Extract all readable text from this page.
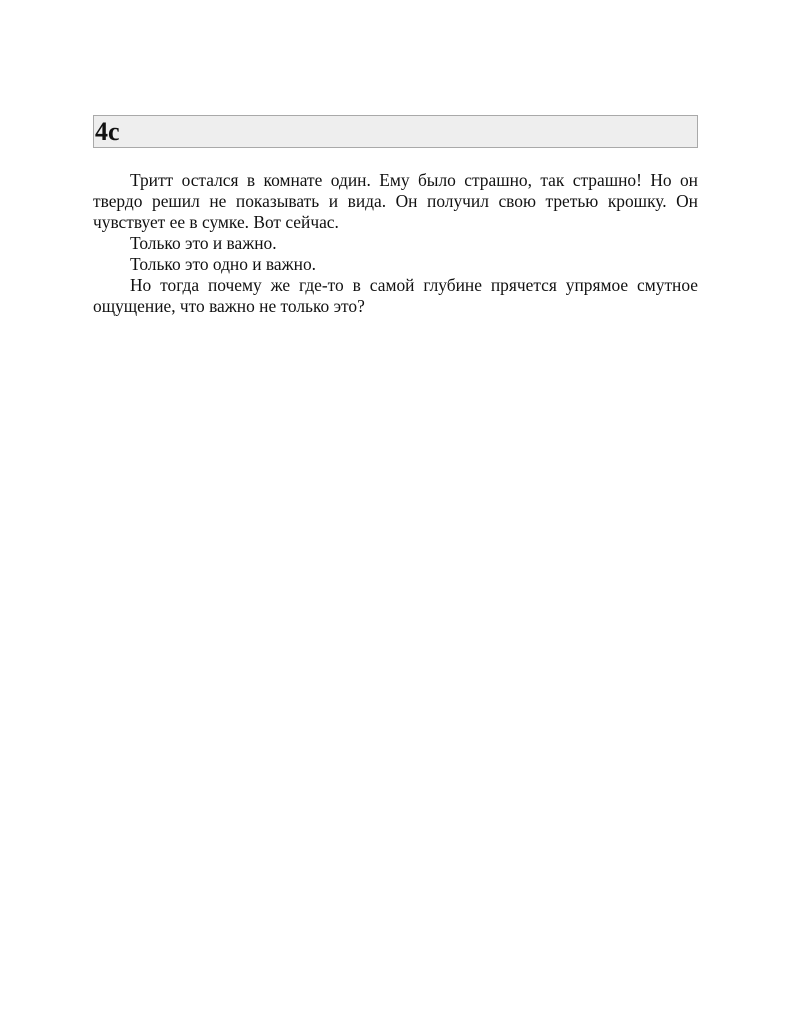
4c

Тритт остался в комнате один. Ему было страшно, так страшно! Но он твердо решил не показывать и вида. Он получил свою третью крошку. Он чувствует ее в сумке. Вот сейчас.

Только это и важно.

Только это одно и важно.

Но тогда почему же где-то в самой глубине прячется упрямое смутное ощущение, что важно не только это?
